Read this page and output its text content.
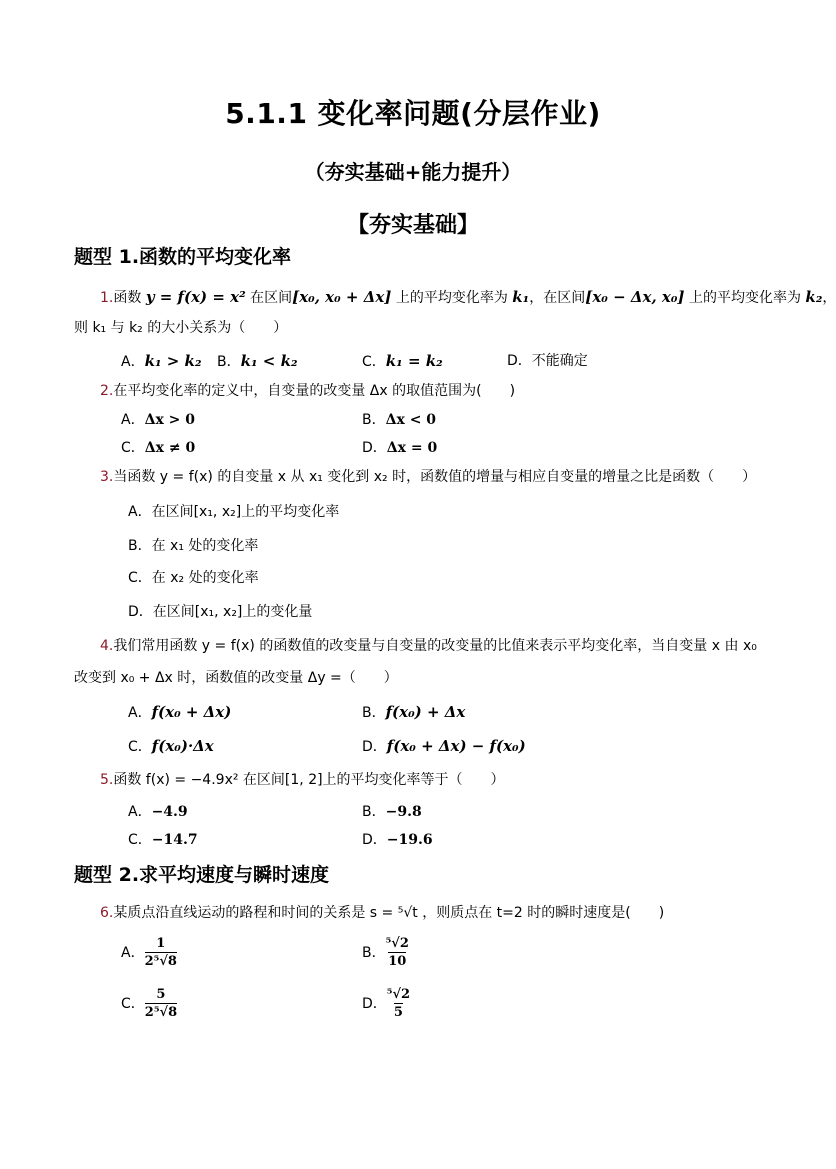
5.1.1 变化率问题(分层作业)
（夯实基础+能力提升）
【夯实基础】
题型 1.函数的平均变化率
1.函数 y = f(x) = x² 在区间[x₀, x₀ + Δx] 上的平均变化率为 k₁，在区间[x₀ − Δx, x₀] 上的平均变化率为 k₂，
则 k₁ 与 k₂ 的大小关系为（　　）
A．k₁ > k₂ B．k₁ < k₂	C．k₁ = k₂	D．不能确定
2.在平均变化率的定义中，自变量的改变量 Δx 的取值范围为(　　)
A．Δx > 0	B．Δx < 0
C．Δx ≠ 0	D．Δx = 0
3.当函数 y = f(x) 的自变量 x 从 x₁ 变化到 x₂ 时，函数值的增量与相应自变量的增量之比是函数（　　）
A．在区间[x₁, x₂]上的平均变化率
B．在 x₁ 处的变化率
C．在 x₂ 处的变化率
D．在区间[x₁, x₂]上的变化量
4.我们常用函数 y = f(x) 的函数值的改变量与自变量的改变量的比值来表示平均变化率，当自变量 x 由 x₀
改变到 x₀ + Δx 时，函数值的改变量 Δy =（　　）
A．f(x₀ + Δx)	B．f(x₀) + Δx
C．f(x₀)·Δx	D．f(x₀ + Δx) − f(x₀)
5.函数 f(x) = −4.9x² 在区间[1, 2]上的平均变化率等于（　　）
A．−4.9	B．−9.8
C．−14.7	D．−19.6
题型 2.求平均速度与瞬时速度
6.某质点沿直线运动的路程和时间的关系是 s = ⁵√t ，则质点在 t=2 时的瞬时速度是(　　)
A． $\frac{1}{\text{2⁵√8}}$	B． $\frac{\text{⁵√2}}{10}$
C． $\frac{5}{\text{2⁵√8}}$	D． $\frac{\text{⁵√2}}{5}$
